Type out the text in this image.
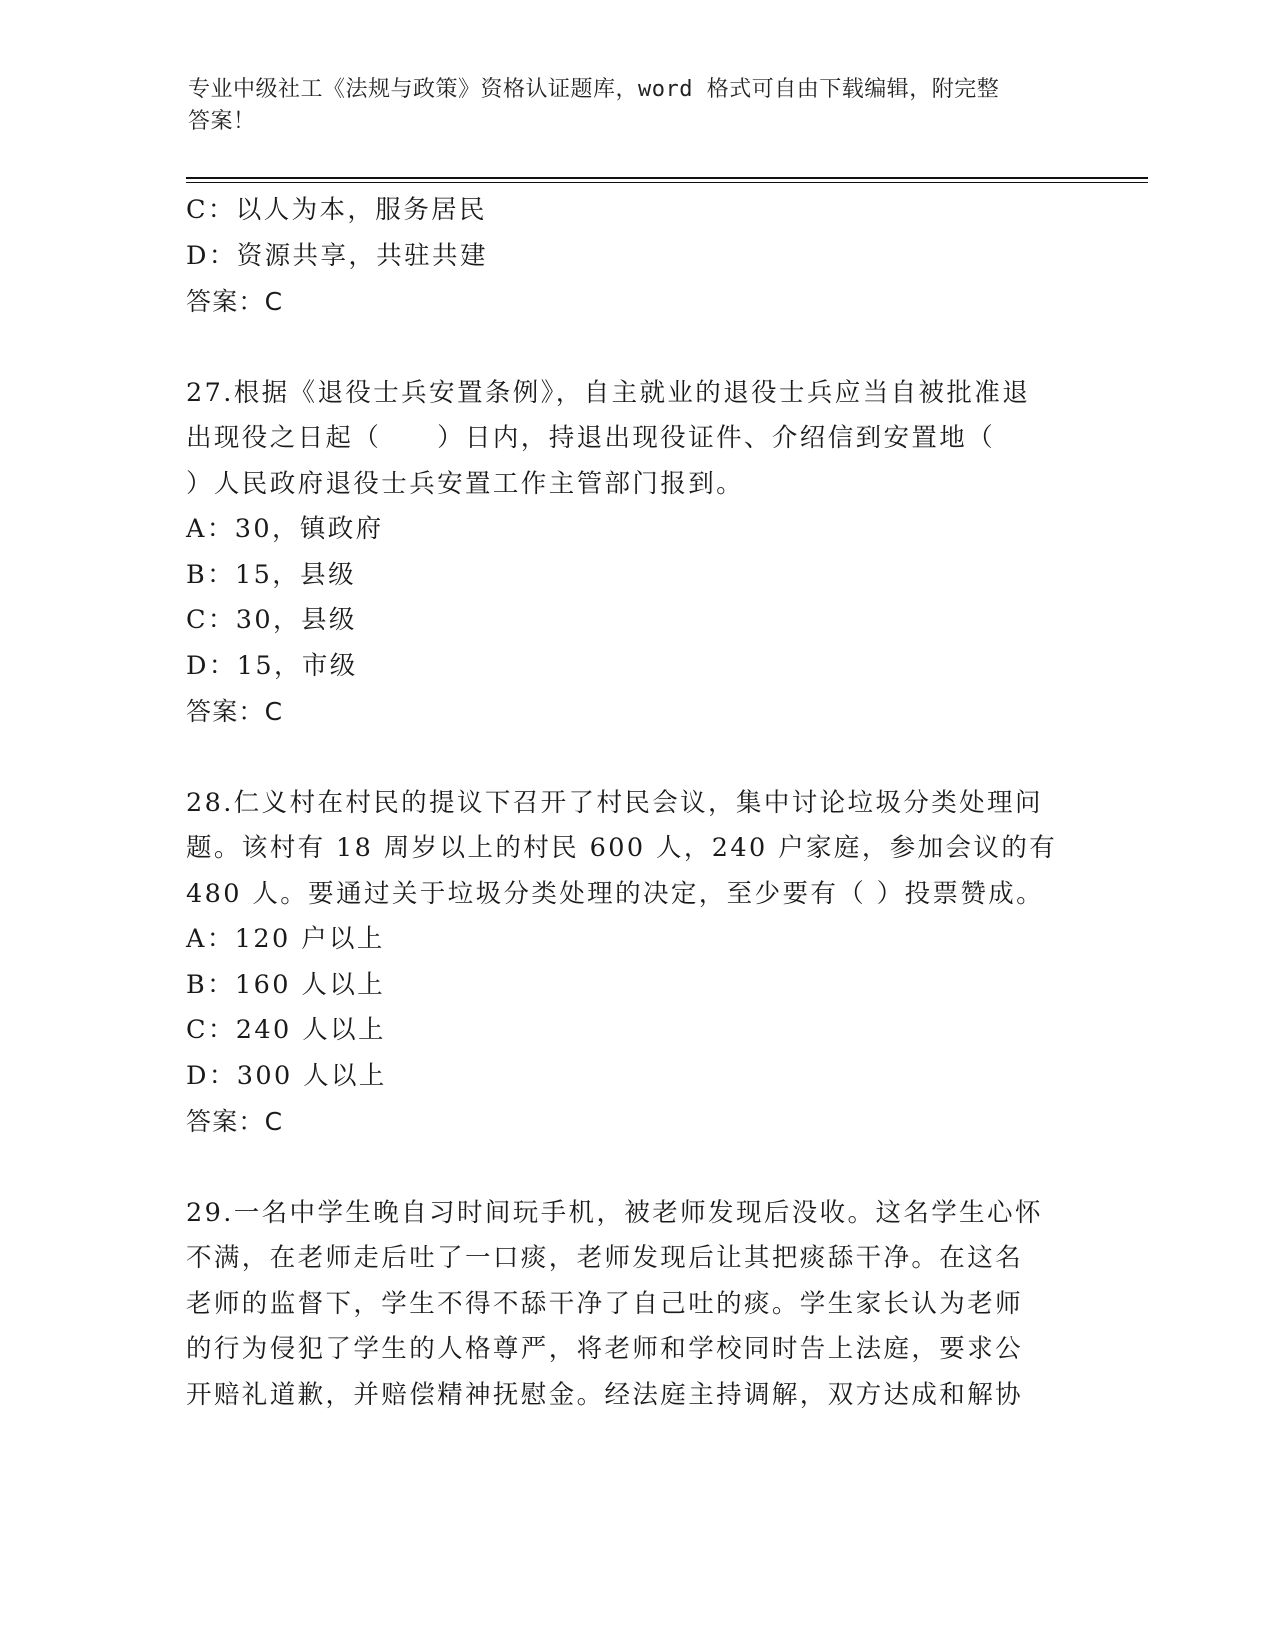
专业中级社工《法规与政策》资格认证题库，word 格式可自由下载编辑，附完整
答案！
C：以人为本，服务居民
D：资源共享，共驻共建
答案：C
27.根据《退役士兵安置条例》，自主就业的退役士兵应当自被批准退
出现役之日起（　　）日内，持退出现役证件、介绍信到安置地（
）人民政府退役士兵安置工作主管部门报到。
A：30，镇政府
B：15，县级
C：30，县级
D：15，市级
答案：C
28.仁义村在村民的提议下召开了村民会议，集中讨论垃圾分类处理问
题。该村有 18 周岁以上的村民 600 人，240 户家庭，参加会议的有
480 人。要通过关于垃圾分类处理的决定，至少要有（ ）投票赞成。
A：120 户以上
B：160 人以上
C：240 人以上
D：300 人以上
答案：C
29.一名中学生晚自习时间玩手机，被老师发现后没收。这名学生心怀
不满，在老师走后吐了一口痰，老师发现后让其把痰舔干净。在这名
老师的监督下，学生不得不舔干净了自己吐的痰。学生家长认为老师
的行为侵犯了学生的人格尊严，将老师和学校同时告上法庭，要求公
开赔礼道歉，并赔偿精神抚慰金。经法庭主持调解，双方达成和解协
